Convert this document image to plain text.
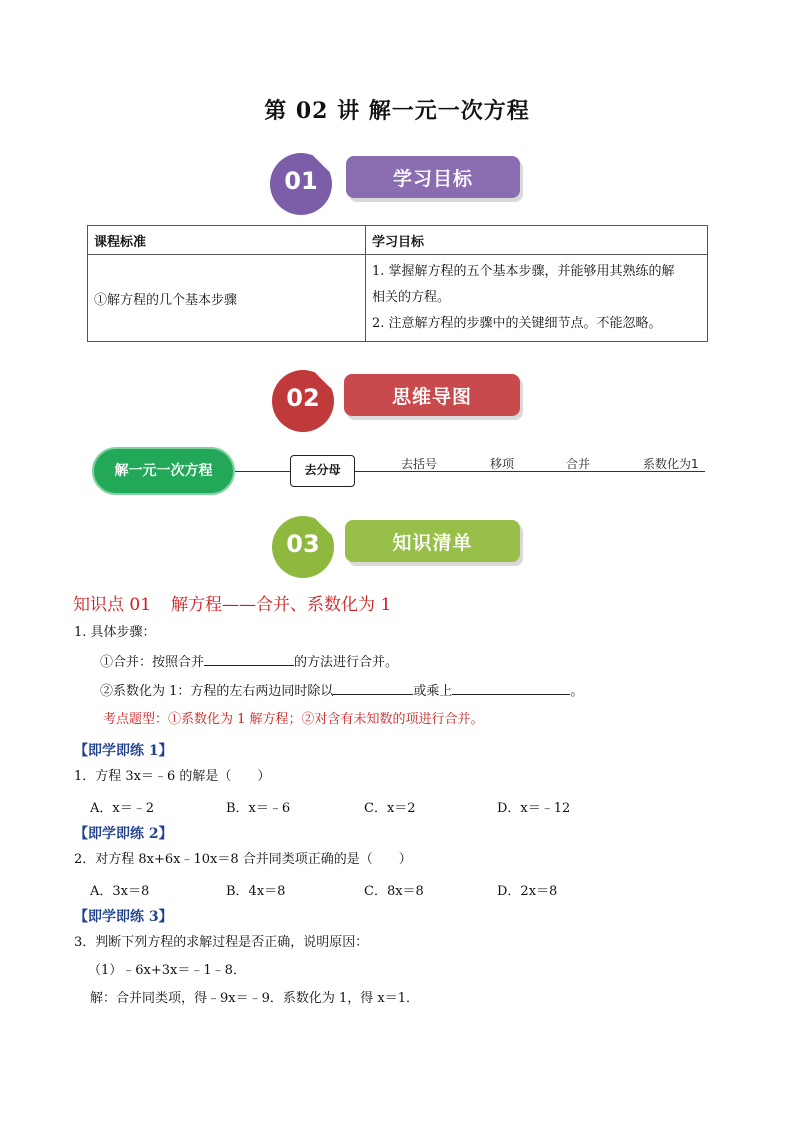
第 02 讲 解一元一次方程
01	学习目标
课程标准	学习目标
①解方程的几个基本步骤	1. 掌握解方程的五个基本步骤，并能够用其熟练的解
相关的方程。
2. 注意解方程的步骤中的关键细节点。不能忽略。
02	思维导图
解一元一次方程	去分母	去括号	移项	合并	系数化为1
03	知识清单
知识点 01 解方程——合并、系数化为 1
1. 具体步骤：
①合并：按照合并	的方法进行合并。
②系数化为 1：方程的左右两边同时除以	或乘上	。
考点题型：①系数化为 1 解方程；②对含有未知数的项进行合并。
【即学即练 1】
1．方程 3x＝﹣6 的解是（　　）
A．x＝﹣2	B．x＝﹣6	C．x＝2	D．x＝﹣12
【即学即练 2】
2．对方程 8x+6x﹣10x＝8 合并同类项正确的是（　　）
A．3x＝8	B．4x＝8	C．8x＝8	D．2x＝8
【即学即练 3】
3．判断下列方程的求解过程是否正确，说明原因：
（1）﹣6x+3x＝﹣1﹣8．
解：合并同类项，得﹣9x＝﹣9．系数化为 1，得 x＝1．
